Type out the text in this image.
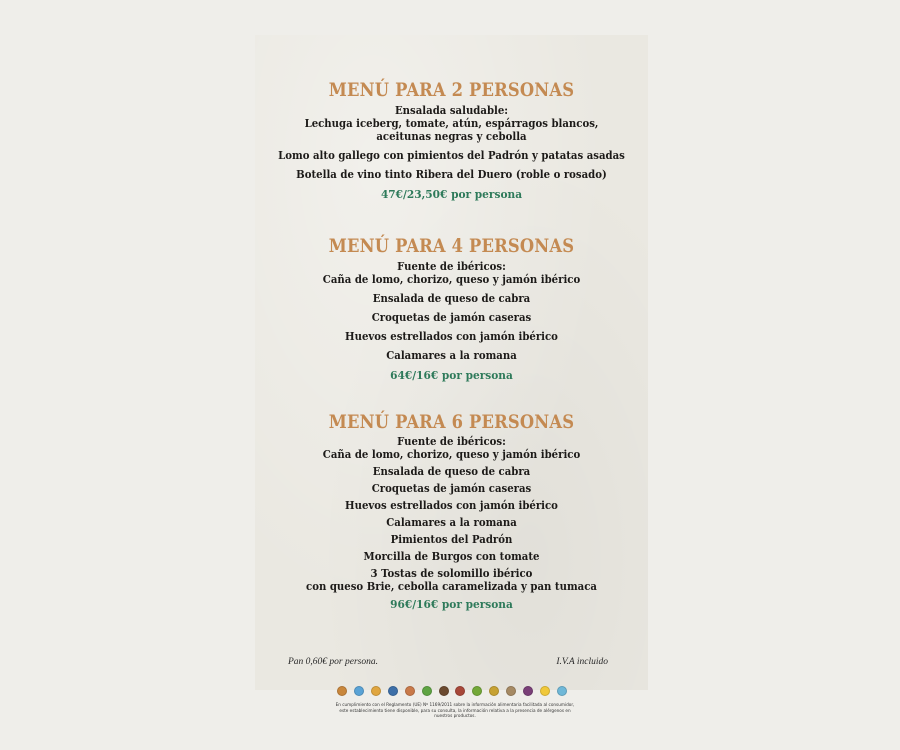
MENÚ PARA 2 PERSONAS
Ensalada saludable:
Lechuga iceberg, tomate, atún, espárragos blancos,
aceitunas negras y cebolla
Lomo alto gallego con pimientos del Padrón y patatas asadas
Botella de vino tinto Ribera del Duero (roble o rosado)
47€/23,50€ por persona
MENÚ PARA 4 PERSONAS
Fuente de ibéricos:
Caña de lomo, chorizo, queso y jamón ibérico
Ensalada de queso de cabra
Croquetas de jamón caseras
Huevos estrellados con jamón ibérico
Calamares a la romana
64€/16€ por persona
MENÚ PARA 6 PERSONAS
Fuente de ibéricos:
Caña de lomo, chorizo, queso y jamón ibérico
Ensalada de queso de cabra
Croquetas de jamón caseras
Huevos estrellados con jamón ibérico
Calamares a la romana
Pimientos del Padrón
Morcilla de Burgos con tomate
3 Tostas de solomillo ibérico
con queso Brie, cebolla caramelizada y pan tumaca
96€/16€ por persona
Pan 0,60€ por persona.	I.V.A incluido
En cumplimiento con el Reglamento (UE) Nº 1169/2011 sobre la información alimentaria facilitada al consumidor, este establecimiento tiene disponible, para su consulta, la información relativa a la presencia de alérgenos en nuestros productos.
